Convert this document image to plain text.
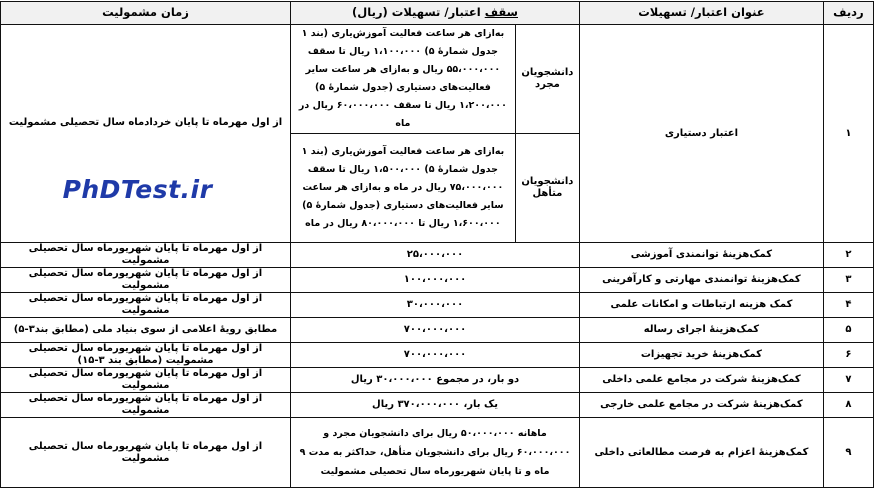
ردیف	عنوان اعتبار/ تسهیلات	سقف اعتبار/ تسهیلات (ریال)		زمان مشمولیت
۱	اعتبار دستیاری	دانشجویان مجرد	به‌ازای هر ساعت فعالیت آموزش‌یاری (بند ۱ جدول شمارۀ ۵) ۱،۱۰۰،۰۰۰ ریال تا سقف ۵۵،۰۰۰،۰۰۰ ریال و به‌ازای هر ساعت سایر فعالیت‌های دستیاری (جدول شمارۀ ۵) ۱،۲۰۰،۰۰۰ ریال تا سقف ۶۰،۰۰۰،۰۰۰ ریال در ماه	از اول مهرماه تا پایان خردادماه سال تحصیلی مشمولیت
PhDTest.ir

		دانشجویان متأهل	به‌ازای هر ساعت فعالیت آموزش‌یاری (بند ۱ جدول شمارۀ ۵) ۱،۵۰۰،۰۰۰ ریال تا سقف ۷۵،۰۰۰،۰۰۰ ریال در ماه و به‌ازای هر ساعت سایر فعالیت‌های دستیاری (جدول شمارۀ ۵) ۱،۶۰۰،۰۰۰ ریال تا ۸۰،۰۰۰،۰۰۰ ریال در ماه	
۲	کمک‌هزینۀ توانمندی آموزشی	۲۵،۰۰۰،۰۰۰		از اول مهرماه تا پایان شهریورماه سال تحصیلی مشمولیت
۳	کمک‌هزینۀ توانمندی مهارتی و کارآفرینی	۱۰۰،۰۰۰،۰۰۰		از اول مهرماه تا پایان شهریورماه سال تحصیلی مشمولیت
۴	کمک هزینه ارتباطات و امکانات علمی	۳۰،۰۰۰،۰۰۰		از اول مهرماه تا پایان شهریورماه سال تحصیلی مشمولیت
۵	کمک‌هزینۀ اجرای رساله	۷۰۰،۰۰۰،۰۰۰		مطابق رویۀ اعلامی از سوی بنیاد ملی (مطابق بند۳-۵)
۶	کمک‌هزینۀ خرید تجهیزات	۷۰۰،۰۰۰،۰۰۰		از اول مهرماه تا پایان شهریورماه سال تحصیلی مشمولیت (مطابق بند ۳-۱۵)
۷	کمک‌هزینۀ شرکت در مجامع علمی داخلی	دو بار، در مجموع ۳۰،۰۰۰،۰۰۰ ریال		از اول مهرماه تا پایان شهریورماه سال تحصیلی مشمولیت
۸	کمک‌هزینۀ شرکت در مجامع علمی خارجی	یک بار، ۳۷۰،۰۰۰،۰۰۰ ریال		از اول مهرماه تا پایان شهریورماه سال تحصیلی مشمولیت
۹	کمک‌هزینۀ اعزام به فرصت مطالعاتی داخلی	ماهانه ۵۰،۰۰۰،۰۰۰ ریال برای دانشجویان مجرد و ۶۰،۰۰۰،۰۰۰ ریال برای دانشجویان متأهل، حداکثر به مدت ۹ ماه و تا پایان شهریورماه سال تحصیلی مشمولیت		از اول مهرماه تا پایان شهریورماه سال تحصیلی مشمولیت
